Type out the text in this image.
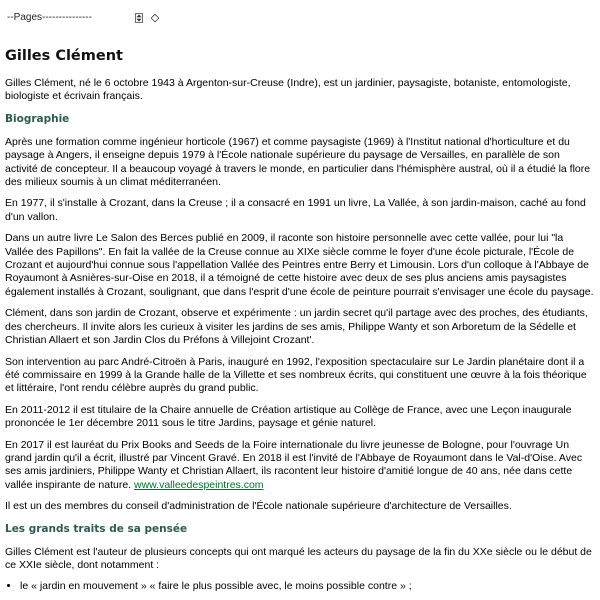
--Pages---------------	◇
Gilles Clément

Gilles Clément, né le 6 octobre 1943 à Argenton-sur-Creuse (Indre), est un jardinier, paysagiste, botaniste, entomologiste, biologiste et écrivain français.

Biographie

Après une formation comme ingénieur horticole (1967) et comme paysagiste (1969) à l'Institut national d'horticulture et du paysage à Angers, il enseigne depuis 1979 à l'École nationale supérieure du paysage de Versailles, en parallèle de son activité de concepteur. Il a beaucoup voyagé à travers le monde, en particulier dans l'hémisphère austral, où il a étudié la flore des milieux soumis à un climat méditerranéen.

En 1977, il s'installe à Crozant, dans la Creuse ; il a consacré en 1991 un livre, La Vallée, à son jardin-maison, caché au fond d'un vallon.

Dans un autre livre Le Salon des Berces publié en 2009, il raconte son histoire personnelle avec cette vallée, pour lui "la Vallée des Papillons". En fait la vallée de la Creuse connue au XIXe siècle comme le foyer d'une école picturale, l'École de Crozant et aujourd'hui connue sous l'appellation Vallée des Peintres entre Berry et Limousin. Lors d'un colloque à l'Abbaye de Royaumont à Asnières-sur-Oise en 2018, il a témoigné de cette histoire avec deux de ses plus anciens amis paysagistes également installés à Crozant, soulignant, que dans l'esprit d'une école de peinture pourrait s'envisager une école du paysage.

Clément, dans son jardin de Crozant, observe et expérimente : un jardin secret qu'il partage avec des proches, des étudiants, des chercheurs. Il invite alors les curieux à visiter les jardins de ses amis, Philippe Wanty et son Arboretum de la Sédelle et Christian Allaert et son Jardin Clos du Préfons à Villejoint Crozant'.

Son intervention au parc André-Citroën à Paris, inauguré en 1992, l'exposition spectaculaire sur Le Jardin planétaire dont il a été commissaire en 1999 à la Grande halle de la Villette et ses nombreux écrits, qui constituent une œuvre à la fois théorique et littéraire, l'ont rendu célèbre auprès du grand public.

En 2011-2012 il est titulaire de la Chaire annuelle de Création artistique au Collège de France, avec une Leçon inaugurale prononcée le 1er décembre 2011 sous le titre Jardins, paysage et génie naturel.

En 2017 il est lauréat du Prix Books and Seeds de la Foire internationale du livre jeunesse de Bologne, pour l'ouvrage Un grand jardin qu'il a écrit, illustré par Vincent Gravé. En 2018 il est l'invité de l'Abbaye de Royaumont dans le Val-d'Oise. Avec ses amis jardiniers, Philippe Wanty et Christian Allaert, ils racontent leur histoire d'amitié longue de 40 ans, née dans cette vallée inspirante de nature. www.valleedespeintres.com

Il est un des membres du conseil d'administration de l'École nationale supérieure d'architecture de Versailles.

Les grands traits de sa pensée

Gilles Clément est l'auteur de plusieurs concepts qui ont marqué les acteurs du paysage de la fin du XXe siècle ou le début de ce XXIe siècle, dont notamment :

• le « jardin en mouvement » « faire le plus possible avec, le moins possible contre » ;
